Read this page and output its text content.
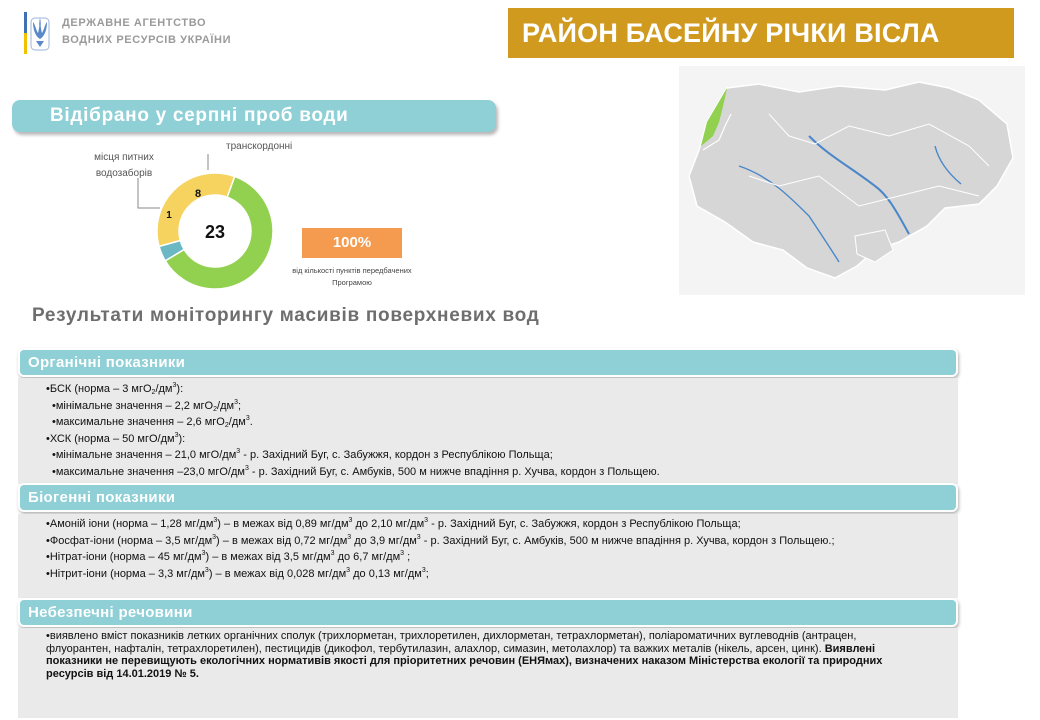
ДЕРЖАВНЕ АГЕНТСТВО
ВОДНИХ РЕСУРСІВ УКРАЇНИ	РАЙОН БАСЕЙНУ РІЧКИ ВІСЛА
Відібрано у серпні проб води
місця питних водозаборів
транскордонні
23
1
8
100%
від кількості пунктів передбачених Програмою
Результати моніторингу масивів поверхневих вод
Органічні показники
•БСК (норма – 3 $мгО_2/дм^3$):
•мінімальне значення – 2,2 $мгО_2/дм^3$;
•максимальне значення – 2,6 $мгО_2/дм^3$.
•ХСК (норма – 50 мгО/$дм^3$):
•мінімальне значення – 21,0 мгО/$дм^3$ - р. Західний Буг, с. Забужжя, кордон з Республікою Польща;
•максимальне значення –23,0 мгО/$дм^3$ - р. Західний Буг, с. Амбуків, 500 м нижче впадіння р. Хучва, кордон з Польщею.
Біогенні показники
•Амоній іони (норма – 1,28 $мг/дм^3$) – в межах від 0,89 $мг/дм^3$ до 2,10 $мг/дм^3$ - р. Західний Буг, с. Забужжя, кордон з Республікою Польща;
•Фосфат-іони (норма – 3,5 $мг/дм^3$) – в межах від 0,72 $мг/дм^3$ до 3,9 $мг/дм^3$ - р. Західний Буг, с. Амбуків, 500 м нижче впадіння р. Хучва, кордон з Польщею.;
•Нітрат-іони (норма – 45 $мг/дм^3$) – в межах від 3,5 $мг/дм^3$ до 6,7 $мг/дм^3$ ;
•Нітрит-іони (норма – 3,3 $мг/дм^3$) – в межах від 0,028 $мг/дм^3$ до 0,13 $мг/дм^3$;
Небезпечні речовини
•виявлено вміст показників летких органічних сполук (трихлорметан, трихлоретилен, дихлорметан, тетрахлорметан), поліароматичних вуглеводнів (антрацен, флуорантен, нафталін, тетрахлоретилен), пестицидів (дикофол, тербутилазин, алахлор, симазин, метолахлор) та важких металів (нікель, арсен, цинк). Виявлені показники не перевищують екологічних нормативів якості для пріоритетних речовин (ЕНЯмах), визначених наказом Міністерства екології та природних ресурсів від 14.01.2019 № 5.
